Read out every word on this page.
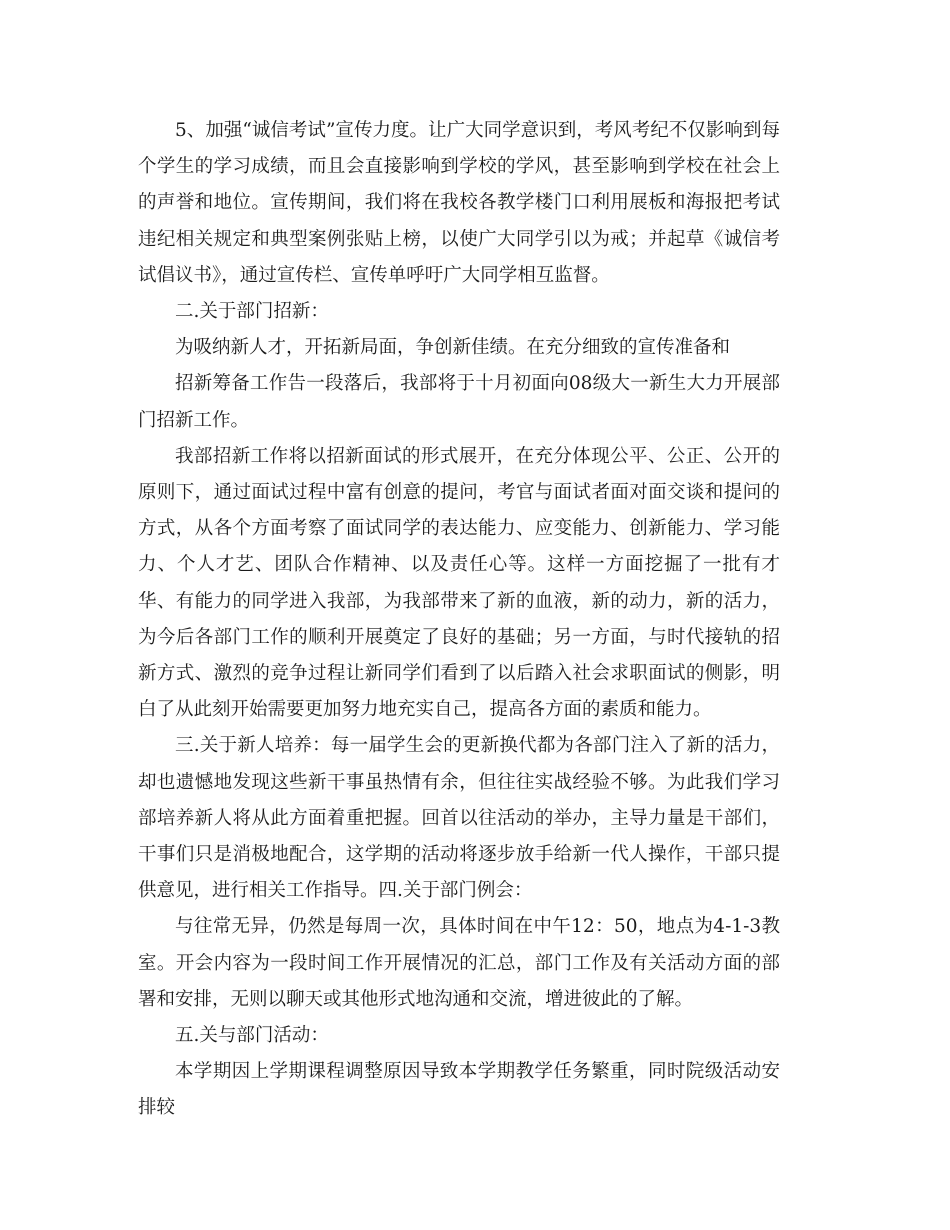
5、加强“诚信考试”宣传力度。让广大同学意识到，考风考纪不仅影响到每个学生的学习成绩，而且会直接影响到学校的学风，甚至影响到学校在社会上的声誉和地位。宣传期间，我们将在我校各教学楼门口利用展板和海报把考试违纪相关规定和典型案例张贴上榜，以使广大同学引以为戒；并起草《诚信考试倡议书》，通过宣传栏、宣传单呼吁广大同学相互监督。

二.关于部门招新：

为吸纳新人才，开拓新局面，争创新佳绩。在充分细致的宣传准备和

招新筹备工作告一段落后，我部将于十月初面向08级大一新生大力开展部门招新工作。

我部招新工作将以招新面试的形式展开，在充分体现公平、公正、公开的原则下，通过面试过程中富有创意的提问，考官与面试者面对面交谈和提问的方式，从各个方面考察了面试同学的表达能力、应变能力、创新能力、学习能力、个人才艺、团队合作精神、以及责任心等。这样一方面挖掘了一批有才华、有能力的同学进入我部，为我部带来了新的血液，新的动力，新的活力，为今后各部门工作的顺利开展奠定了良好的基础；另一方面，与时代接轨的招新方式、激烈的竞争过程让新同学们看到了以后踏入社会求职面试的侧影，明白了从此刻开始需要更加努力地充实自己，提高各方面的素质和能力。

三.关于新人培养：每一届学生会的更新换代都为各部门注入了新的活力，却也遗憾地发现这些新干事虽热情有余，但往往实战经验不够。为此我们学习部培养新人将从此方面着重把握。回首以往活动的举办，主导力量是干部们，干事们只是消极地配合，这学期的活动将逐步放手给新一代人操作，干部只提供意见，进行相关工作指导。四.关于部门例会：

与往常无异，仍然是每周一次，具体时间在中午12：50，地点为4-1-3教室。开会内容为一段时间工作开展情况的汇总，部门工作及有关活动方面的部署和安排，无则以聊天或其他形式地沟通和交流，增进彼此的了解。

五.关与部门活动：

本学期因上学期课程调整原因导致本学期教学任务繁重，同时院级活动安排较
